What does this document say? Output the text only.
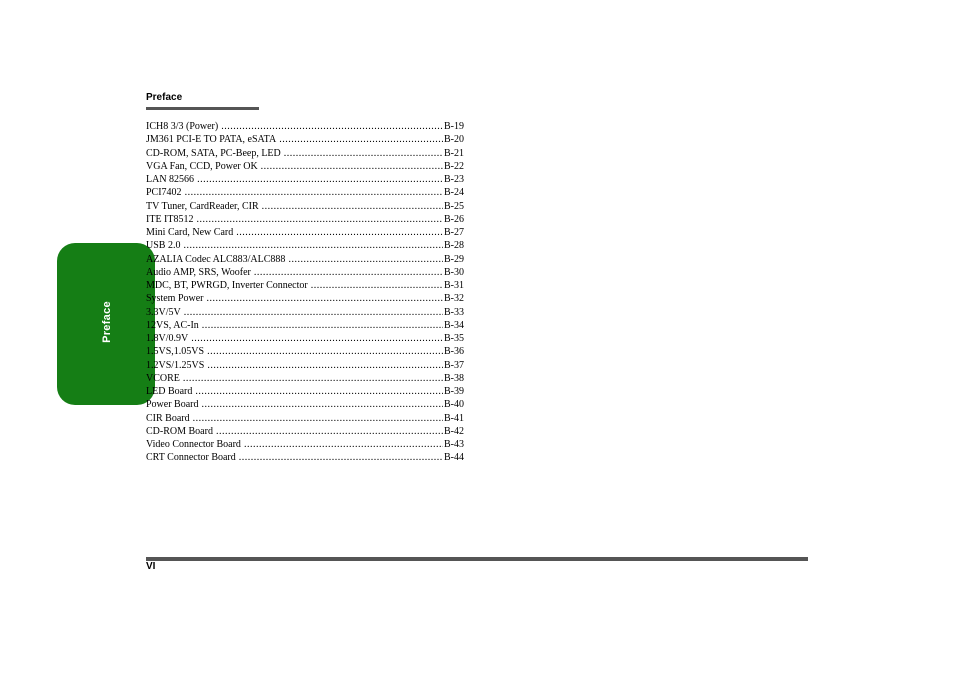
Preface
Preface
ICH8 3/3 (Power) .....	B-19
JM361 PCI-E TO PATA, eSATA .....	B-20
CD-ROM, SATA, PC-Beep, LED .....	B-21
VGA Fan, CCD, Power OK .....	B-22
LAN 82566 .....	B-23
PCI7402 .....	B-24
TV Tuner, CardReader, CIR .....	B-25
ITE IT8512 .....	B-26
Mini Card, New Card .....	B-27
USB 2.0 .....	B-28
AZALIA Codec ALC883/ALC888 .....	B-29
Audio AMP, SRS, Woofer .....	B-30
MDC, BT, PWRGD, Inverter Connector .....	B-31
System Power .....	B-32
3.3V/5V .....	B-33
12VS, AC-In .....	B-34
1.8V/0.9V .....	B-35
1.5VS,1.05VS .....	B-36
1.2VS/1.25VS .....	B-37
VCORE .....	B-38
LED Board .....	B-39
Power Board .....	B-40
CIR Board .....	B-41
CD-ROM Board .....	B-42
Video Connector Board .....	B-43
CRT Connector Board .....	B-44
VI
